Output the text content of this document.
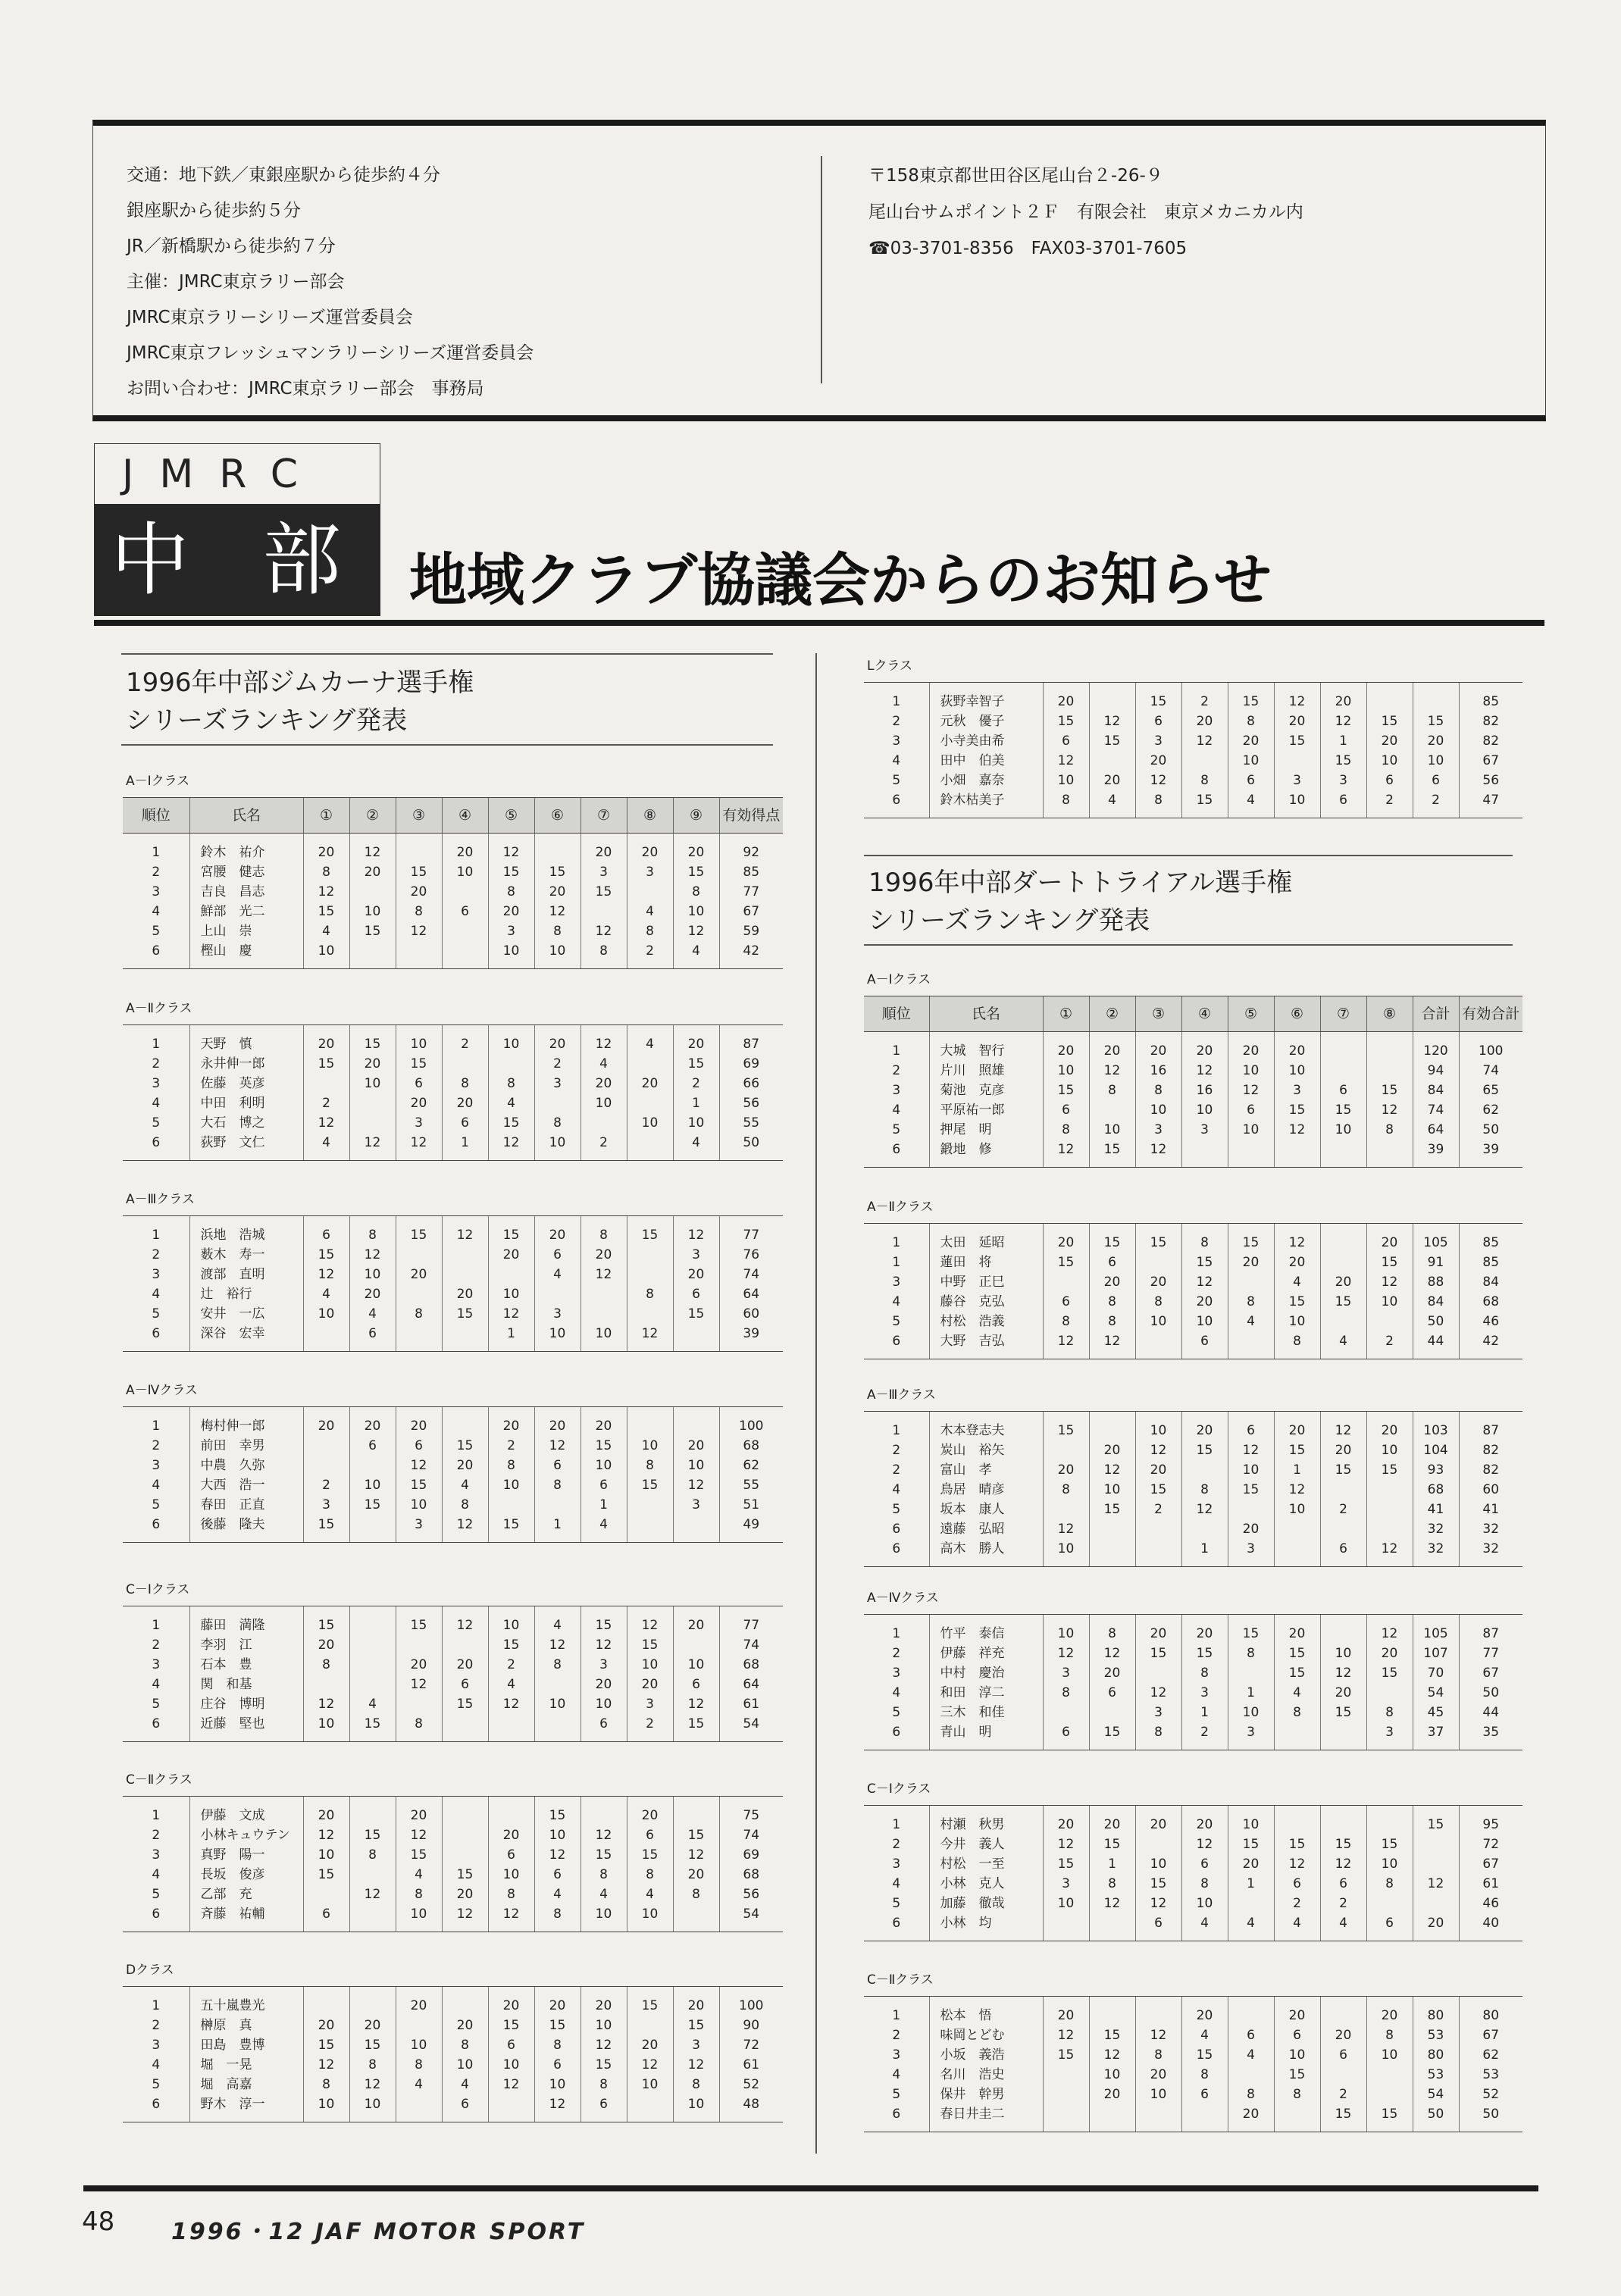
交通：地下鉄／東銀座駅から徒歩約４分
銀座駅から徒歩約５分
JR／新橋駅から徒歩約７分
主催：JMRC東京ラリー部会
JMRC東京ラリーシリーズ運営委員会
JMRC東京フレッシュマンラリーシリーズ運営委員会
お問い合わせ：JMRC東京ラリー部会　事務局
〒158東京都世田谷区尾山台２-26-９
尾山台サムポイント２Ｆ　有限会社　東京メカニカル内
☎03-3701-8356　FAX03-3701-7605
JMRC
中部
地域クラブ協議会からのお知らせ
1996年中部ジムカーナ選手権
シリーズランキング発表
A－Ⅰクラス
順位	氏名	①	②	③	④	⑤	⑥	⑦	⑧	⑨	有効得点
1	鈴木　祐介	20	12		20	12		20	20	20	92
2	宮腰　健志	8	20	15	10	15	15	3	3	15	85
3	吉良　昌志	12		20		8	20	15		8	77
4	鮮部　光二	15	10	8	6	20	12		4	10	67
5	上山　崇	4	15	12		3	8	12	8	12	59
6	樫山　慶	10				10	10	8	2	4	42
A－Ⅱクラス
1	天野　慎	20	15	10	2	10	20	12	4	20	87
2	永井伸一郎	15	20	15			2	4		15	69
3	佐藤　英彦		10	6	8	8	3	20	20	2	66
4	中田　利明	2		20	20	4		10		1	56
5	大石　博之	12		3	6	15	8		10	10	55
6	荻野　文仁	4	12	12	1	12	10	2		4	50
A－Ⅲクラス
1	浜地　浩城	6	8	15	12	15	20	8	15	12	77
2	薮木　寿一	15	12			20	6	20		3	76
3	渡部　直明	12	10	20			4	12		20	74
4	辻　裕行	4	20		20	10			8	6	64
5	安井　一広	10	4	8	15	12	3			15	60
6	深谷　宏幸		6			1	10	10	12		39
A－Ⅳクラス
1	梅村伸一郎	20	20	20		20	20	20			100
2	前田　幸男		6	6	15	2	12	15	10	20	68
3	中農　久弥			12	20	8	6	10	8	10	62
4	大西　浩一	2	10	15	4	10	8	6	15	12	55
5	春田　正直	3	15	10	8			1		3	51
6	後藤　隆夫	15		3	12	15	1	4			49
C－Ⅰクラス
1	藤田　満隆	15		15	12	10	4	15	12	20	77
2	李羽　江	20				15	12	12	15		74
3	石本　豊	8		20	20	2	8	3	10	10	68
4	関　和基			12	6	4		20	20	6	64
5	庄谷　博明	12	4		15	12	10	10	3	12	61
6	近藤　堅也	10	15	8				6	2	15	54
C－Ⅱクラス
1	伊藤　文成	20		20			15		20		75
2	小林キュウテン	12	15	12		20	10	12	6	15	74
3	真野　陽一	10	8	15		6	12	15	15	12	69
4	長坂　俊彦	15		4	15	10	6	8	8	20	68
5	乙部　充		12	8	20	8	4	4	4	8	56
6	斉藤　祐輔	6		10	12	12	8	10	10		54
Dクラス
1	五十嵐豊光			20		20	20	20	15	20	100
2	榊原　真	20	20		20	15	15	10		15	90
3	田島　豊博	15	15	10	8	6	8	12	20	3	72
4	堀　一晃	12	8	8	10	10	6	15	12	12	61
5	堀　高嘉	8	12	4	4	12	10	8	10	8	52
6	野木　淳一	10	10		6		12	6		10	48
Lクラス
1	荻野幸智子	20		15	2	15	12	20			85
2	元秋　優子	15	12	6	20	8	20	12	15	15	82
3	小寺美由希	6	15	3	12	20	15	1	20	20	82
4	田中　伯美	12		20		10		15	10	10	67
5	小畑　嘉奈	10	20	12	8	6	3	3	6	6	56
6	鈴木枯美子	8	4	8	15	4	10	6	2	2	47
1996年中部ダートトライアル選手権
シリーズランキング発表
A－Ⅰクラス
順位	氏名	①	②	③	④	⑤	⑥	⑦	⑧	合計	有効合計
1	大城　智行	20	20	20	20	20	20			120	100
2	片川　照雄	10	12	16	12	10	10			94	74
3	菊池　克彦	15	8	8	16	12	3	6	15	84	65
4	平原祐一郎	6		10	10	6	15	15	12	74	62
5	押尾　明	8	10	3	3	10	12	10	8	64	50
6	鍛地　修	12	15	12						39	39
A－Ⅱクラス
1	太田　延昭	20	15	15	8	15	12		20	105	85
1	蓮田　将	15	6		15	20	20		15	91	85
3	中野　正巳		20	20	12		4	20	12	88	84
4	藤谷　克弘	6	8	8	20	8	15	15	10	84	68
5	村松　浩義	8	8	10	10	4	10			50	46
6	大野　吉弘	12	12		6		8	4	2	44	42
A－Ⅲクラス
1	木本登志夫	15		10	20	6	20	12	20	103	87
2	炭山　裕矢		20	12	15	12	15	20	10	104	82
2	富山　孝	20	12	20		10	1	15	15	93	82
4	鳥居　晴彦	8	10	15	8	15	12			68	60
5	坂本　康人		15	2	12		10	2		41	41
6	遠藤　弘昭	12				20				32	32
6	高木　勝人	10			1	3		6	12	32	32
A－Ⅳクラス
1	竹平　泰信	10	8	20	20	15	20		12	105	87
2	伊藤　祥充	12	12	15	15	8	15	10	20	107	77
3	中村　慶治	3	20		8		15	12	15	70	67
4	和田　淳二	8	6	12	3	1	4	20		54	50
5	三木　和佳			3	1	10	8	15	8	45	44
6	青山　明	6	15	8	2	3			3	37	35
C－Ⅰクラス
1	村瀬　秋男	20	20	20	20	10				15	95
2	今井　義人	12	15		12	15	15	15	15		72
3	村松　一至	15	1	10	6	20	12	12	10		67
4	小林　克人	3	8	15	8	1	6	6	8	12	61
5	加藤　徹哉	10	12	12	10		2	2			46
6	小林　均			6	4	4	4	4	6	20	40
C－Ⅱクラス
1	松本　悟	20			20		20		20	80	80
2	味岡とどむ	12	15	12	4	6	6	20	8	53	67
3	小坂　義浩	15	12	8	15	4	10	6	10	80	62
4	名川　浩史		10	20	8		15			53	53
5	保井　幹男		20	10	6	8	8	2		54	52
6	春日井圭二					20		15	15	50	50
48 1996・12 JAF MOTOR SPORT
